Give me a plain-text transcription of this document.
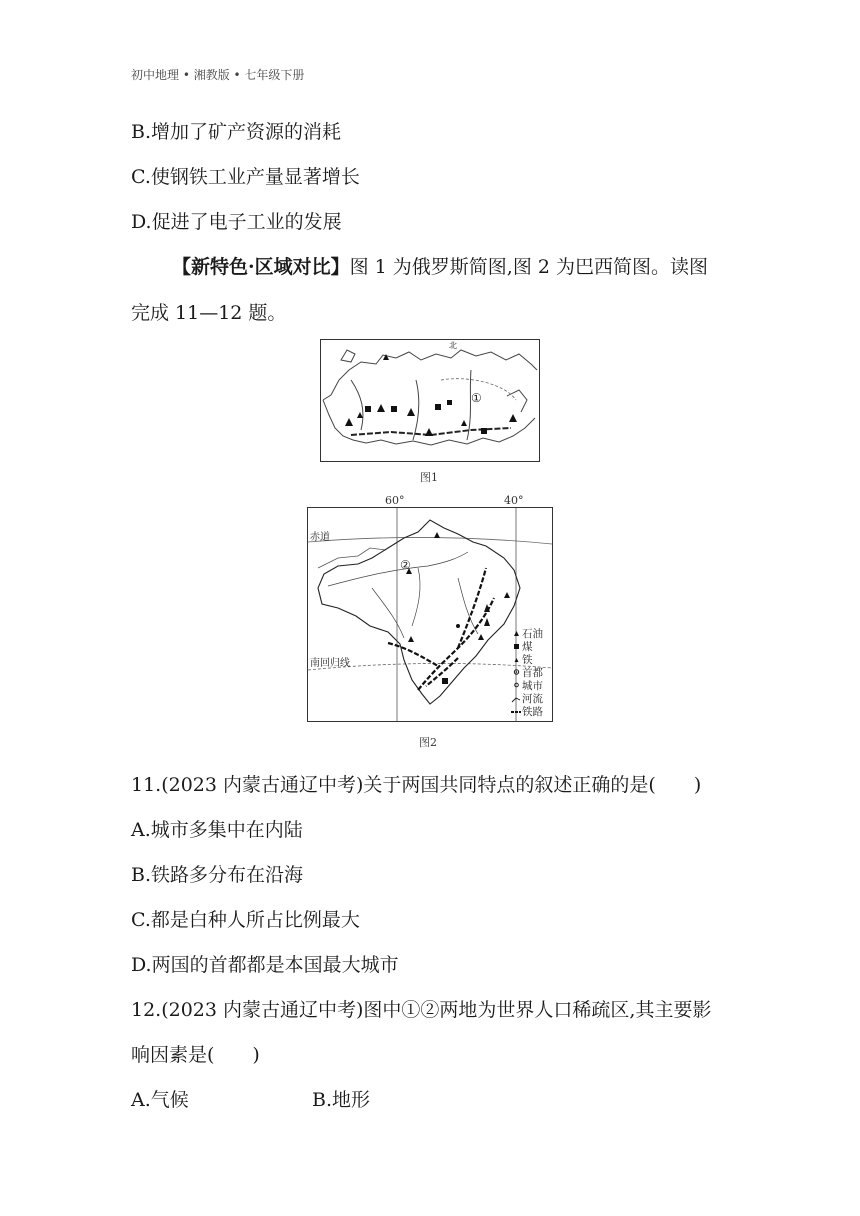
初中地理 • 湘教版 • 七年级下册
B.增加了矿产资源的消耗
C.使钢铁工业产量显著增长
D.促进了电子工业的发展
【新特色·区域对比】图 1 为俄罗斯简图,图 2 为巴西简图。读图
完成 11—12 题。
①
北
图1
60°	40°
②
赤道
南回归线
石油
煤
铁
首都
城市
河流
铁路
图2
11.(2023 内蒙古通辽中考)关于两国共同特点的叙述正确的是(　　)
A.城市多集中在内陆
B.铁路多分布在沿海
C.都是白种人所占比例最大
D.两国的首都都是本国最大城市
12.(2023 内蒙古通辽中考)图中①②两地为世界人口稀疏区,其主要影
响因素是(　　)
A.气候	B.地形
